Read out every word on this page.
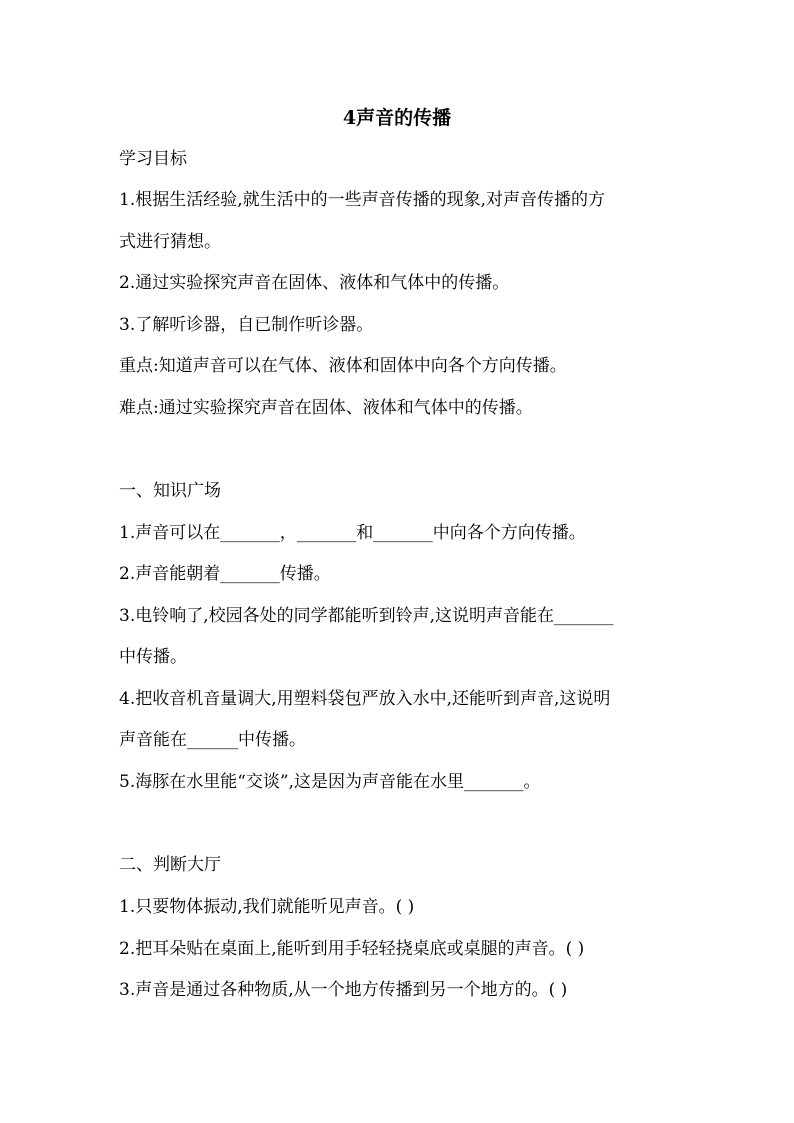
4声音的传播
学习目标
1.根据生活经验,就生活中的一些声音传播的现象,对声音传播的方
式进行猜想。
2.通过实验探究声音在固体、液体和气体中的传播。
3.了解听诊器，自已制作听诊器。
重点:知道声音可以在气体、液体和固体中向各个方向传播。
难点:通过实验探究声音在固体、液体和气体中的传播。
一、知识广场
1.声音可以在_______，_______和_______中向各个方向传播。
2.声音能朝着_______传播。
3.电铃响了,校园各处的同学都能听到铃声,这说明声音能在_______
中传播。
4.把收音机音量调大,用塑料袋包严放入水中,还能听到声音,这说明
声音能在______中传播。
5.海豚在水里能“交谈”,这是因为声音能在水里_______。
二、判断大厅
1.只要物体振动,我们就能听见声音。( )
2.把耳朵贴在桌面上,能听到用手轻轻挠桌底或桌腿的声音。( )
3.声音是通过各种物质,从一个地方传播到另一个地方的。( )
